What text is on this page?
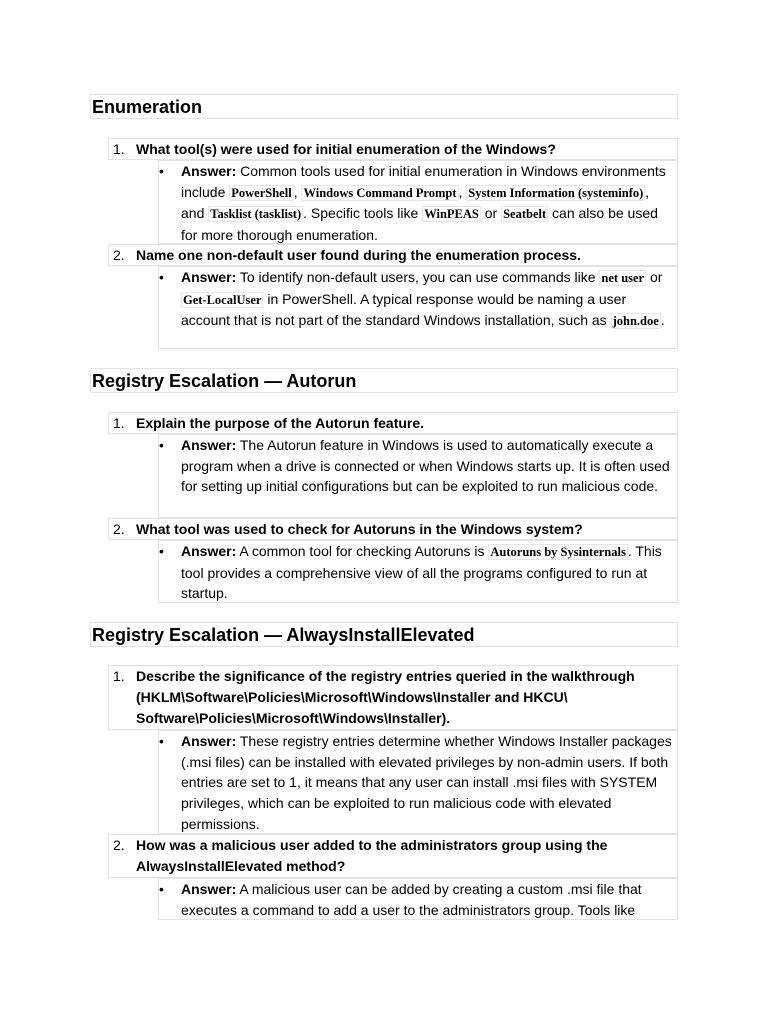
Enumeration
1. What tool(s) were used for initial enumeration of the Windows?
• Answer: Common tools used for initial enumeration in Windows environments include PowerShell , Windows Command Prompt , System Information (systeminfo) , and Tasklist (tasklist) . Specific tools like WinPEAS or Seatbelt can also be used for more thorough enumeration.
2. Name one non-default user found during the enumeration process.
• Answer: To identify non-default users, you can use commands like net user or Get-LocalUser in PowerShell. A typical response would be naming a user account that is not part of the standard Windows installation, such as john.doe .
Registry Escalation — Autorun
1. Explain the purpose of the Autorun feature.
• Answer: The Autorun feature in Windows is used to automatically execute a program when a drive is connected or when Windows starts up. It is often used for setting up initial configurations but can be exploited to run malicious code.
2. What tool was used to check for Autoruns in the Windows system?
• Answer: A common tool for checking Autoruns is Autoruns by Sysinternals . This tool provides a comprehensive view of all the programs configured to run at startup.
Registry Escalation — AlwaysInstallElevated
1. Describe the significance of the registry entries queried in the walkthrough (HKLM\Software\Policies\Microsoft\Windows\Installer and HKCU\ Software\Policies\Microsoft\Windows\Installer).
• Answer: These registry entries determine whether Windows Installer packages (.msi files) can be installed with elevated privileges by non-admin users. If both entries are set to 1, it means that any user can install .msi files with SYSTEM privileges, which can be exploited to run malicious code with elevated permissions.
2. How was a malicious user added to the administrators group using the AlwaysInstallElevated method?
• Answer: A malicious user can be added by creating a custom .msi file that executes a command to add a user to the administrators group. Tools like
